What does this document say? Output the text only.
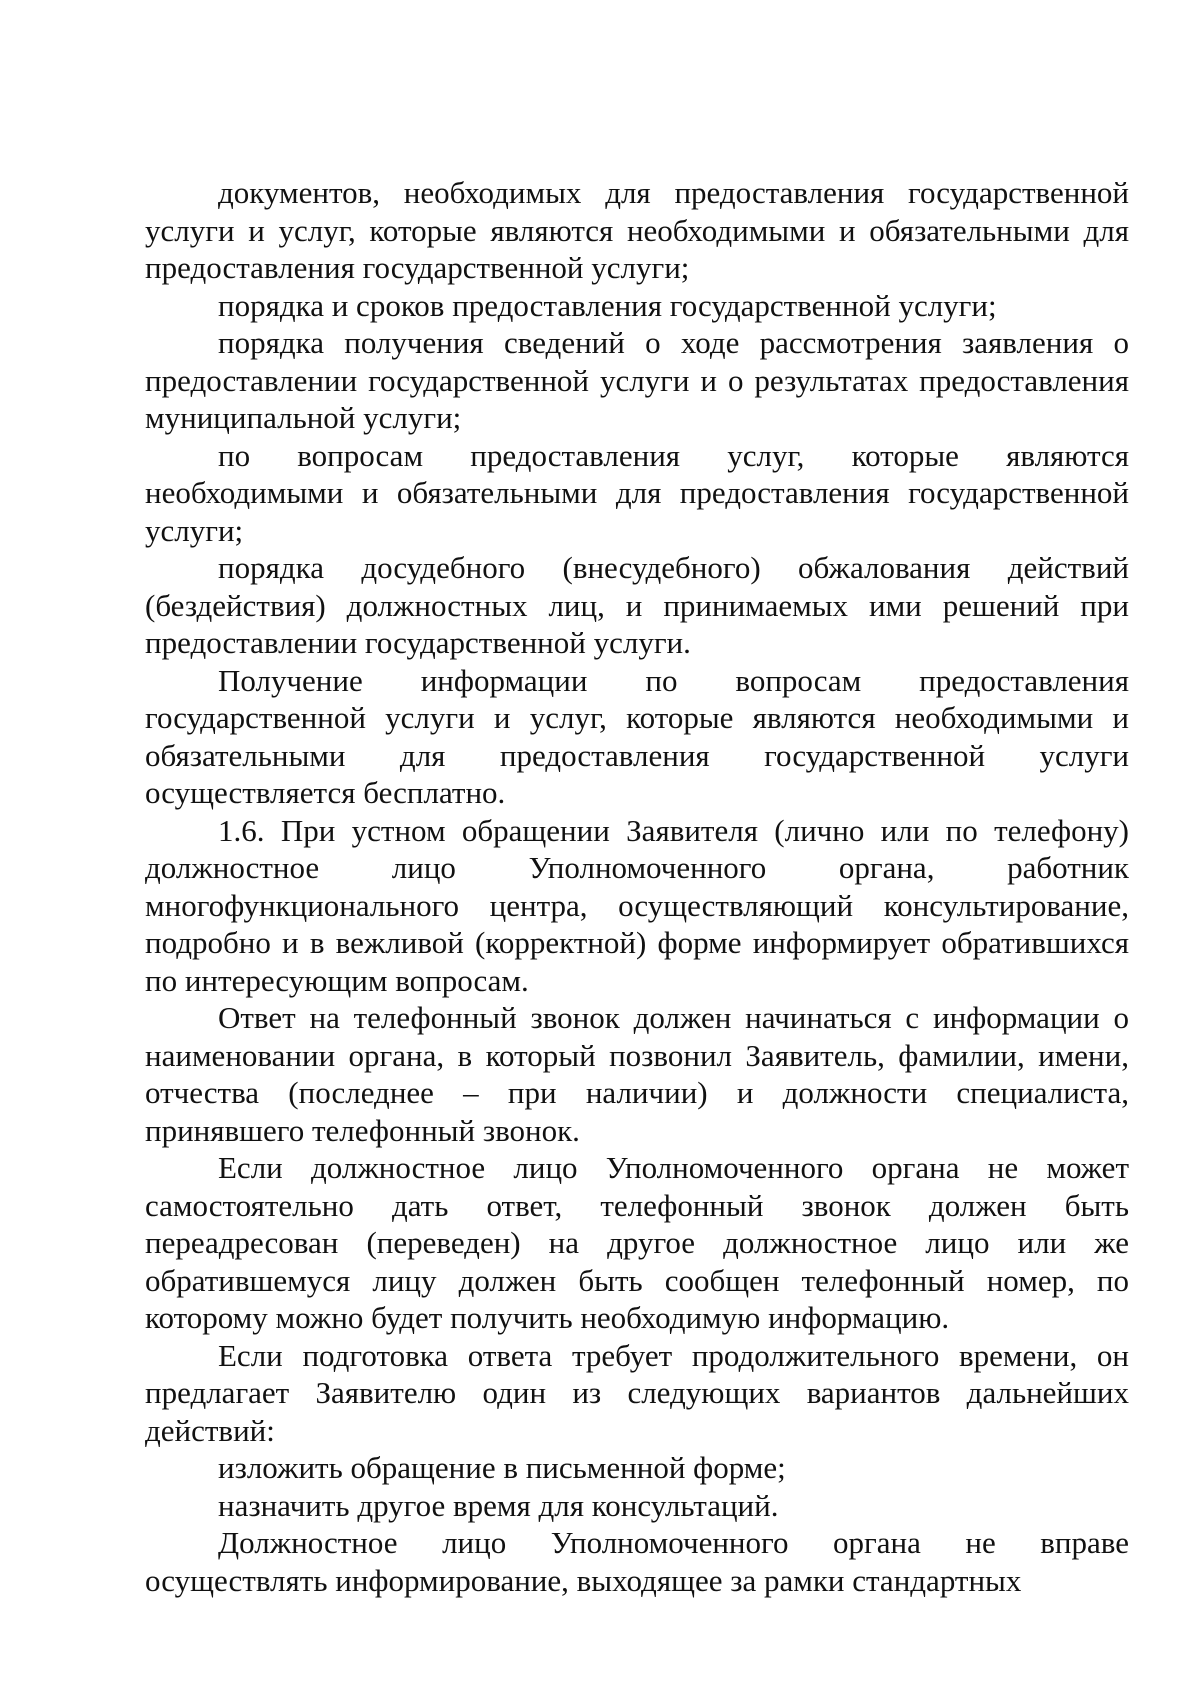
документов, необходимых для предоставления государственной услуги и услуг, которые являются необходимыми и обязательными для предоставления государственной услуги;

порядка и сроков предоставления государственной услуги;

порядка получения сведений о ходе рассмотрения заявления о предоставлении государственной услуги и о результатах предоставления муниципальной услуги;

по вопросам предоставления услуг, которые являются необходимыми и обязательными для предоставления государственной услуги;

порядка досудебного (внесудебного) обжалования действий (бездействия) должностных лиц, и принимаемых ими решений при предоставлении государственной услуги.

Получение информации по вопросам предоставления государственной услуги и услуг, которые являются необходимыми и обязательными для предоставления государственной услуги осуществляется бесплатно.

1.6. При устном обращении Заявителя (лично или по телефону) должностное лицо Уполномоченного органа, работник многофункционального центра, осуществляющий консультирование, подробно и в вежливой (корректной) форме информирует обратившихся по интересующим вопросам.

Ответ на телефонный звонок должен начинаться с информации о наименовании органа, в который позвонил Заявитель, фамилии, имени, отчества (последнее – при наличии) и должности специалиста, принявшего телефонный звонок.

Если должностное лицо Уполномоченного органа не может самостоятельно дать ответ, телефонный звонок должен быть переадресован (переведен) на другое должностное лицо или же обратившемуся лицу должен быть сообщен телефонный номер, по которому можно будет получить необходимую информацию.

Если подготовка ответа требует продолжительного времени, он предлагает Заявителю один из следующих вариантов дальнейших действий:

изложить обращение в письменной форме;

назначить другое время для консультаций.

Должностное лицо Уполномоченного органа не вправе осуществлять информирование, выходящее за рамки стандартных
